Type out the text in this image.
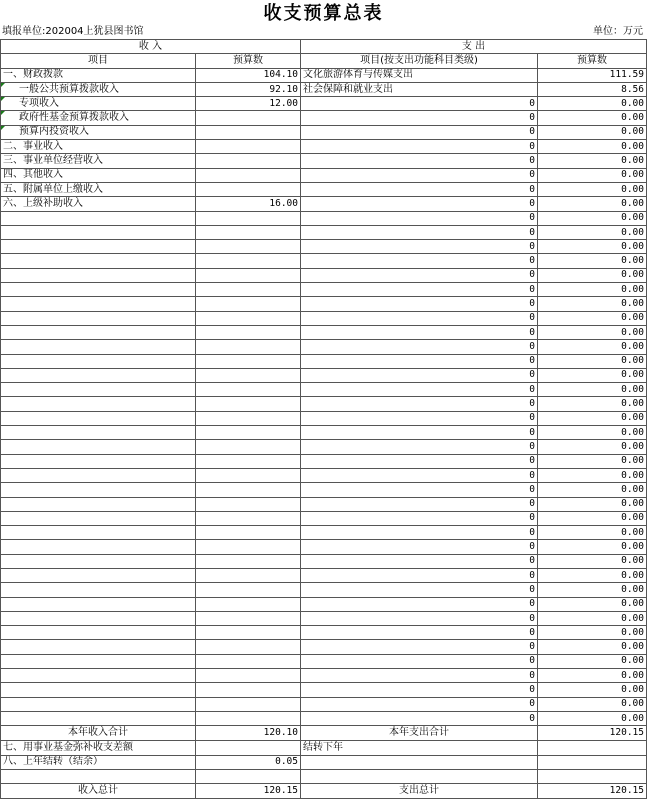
收支预算总表
填报单位:202004上犹县图书馆	单位：万元
收 入		支 出	
项目	预算数	项目(按支出功能科目类级)	预算数
一、财政拨款	104.10	文化旅游体育与传媒支出	111.59
一般公共预算拨款收入	92.10	社会保障和就业支出	8.56
专项收入	12.00	0	0.00
政府性基金预算拨款收入		0	0.00
预算内投资收入		0	0.00
二、事业收入		0	0.00
三、事业单位经营收入		0	0.00
四、其他收入		0	0.00
五、附属单位上缴收入		0	0.00
六、上级补助收入	16.00	0	0.00
		0	0.00
		0	0.00
		0	0.00
		0	0.00
		0	0.00
		0	0.00
		0	0.00
		0	0.00
		0	0.00
		0	0.00
		0	0.00
		0	0.00
		0	0.00
		0	0.00
		0	0.00
		0	0.00
		0	0.00
		0	0.00
		0	0.00
		0	0.00
		0	0.00
		0	0.00
		0	0.00
		0	0.00
		0	0.00
		0	0.00
		0	0.00
		0	0.00
		0	0.00
		0	0.00
		0	0.00
		0	0.00
		0	0.00
		0	0.00
		0	0.00
		0	0.00
本年收入合计	120.10	本年支出合计	120.15
七、用事业基金弥补收支差额		结转下年	
八、上年结转（结余）	0.05		

收入总计	120.15	支出总计	120.15
